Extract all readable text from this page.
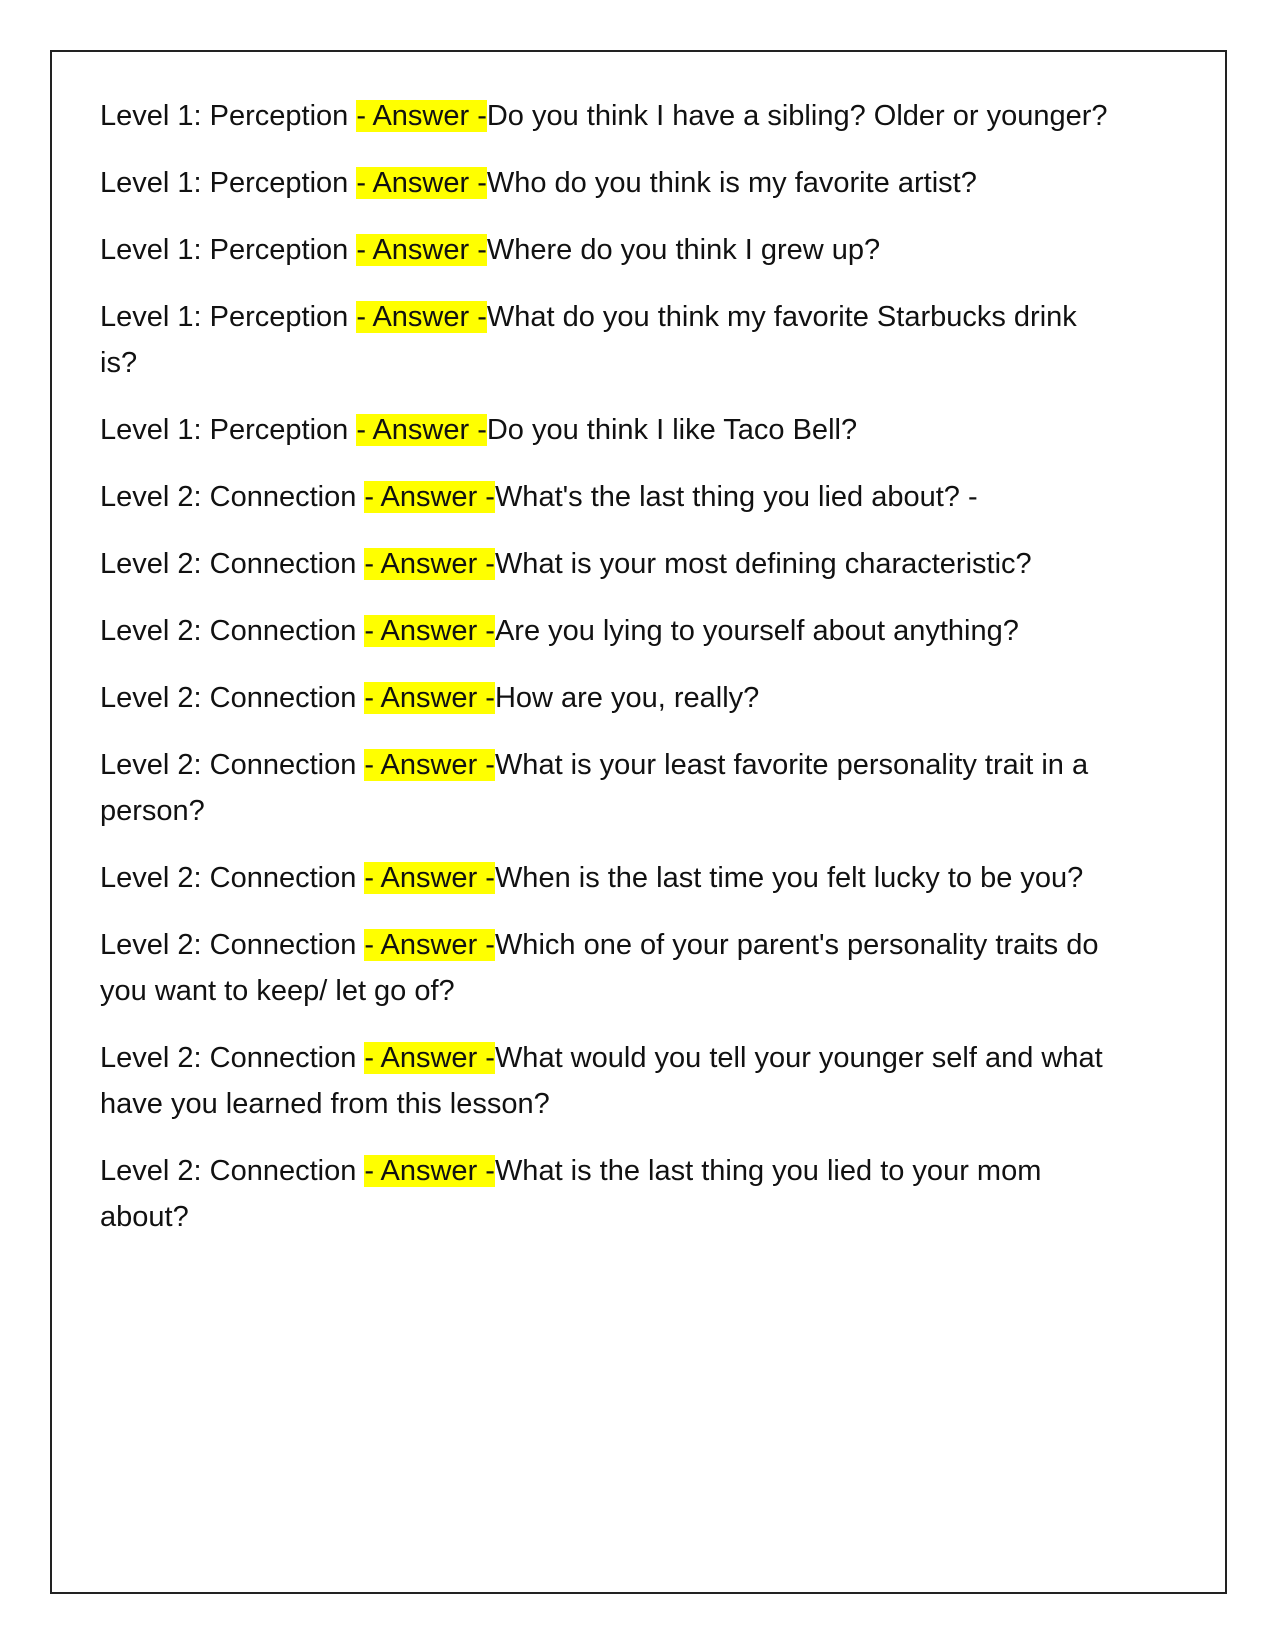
Level 1: Perception - Answer -Do you think I have a sibling? Older or younger?

Level 1: Perception - Answer -Who do you think is my favorite artist?

Level 1: Perception - Answer -Where do you think I grew up?

Level 1: Perception - Answer -What do you think my favorite Starbucks drink is?

Level 1: Perception - Answer -Do you think I like Taco Bell?

Level 2: Connection - Answer -What's the last thing you lied about? -

Level 2: Connection - Answer -What is your most defining characteristic?

Level 2: Connection - Answer -Are you lying to yourself about anything?

Level 2: Connection - Answer -How are you, really?

Level 2: Connection - Answer -What is your least favorite personality trait in a person?

Level 2: Connection - Answer -When is the last time you felt lucky to be you?

Level 2: Connection - Answer -Which one of your parent's personality traits do you want to keep/ let go of?

Level 2: Connection - Answer -What would you tell your younger self and what have you learned from this lesson?

Level 2: Connection - Answer -What is the last thing you lied to your mom about?
